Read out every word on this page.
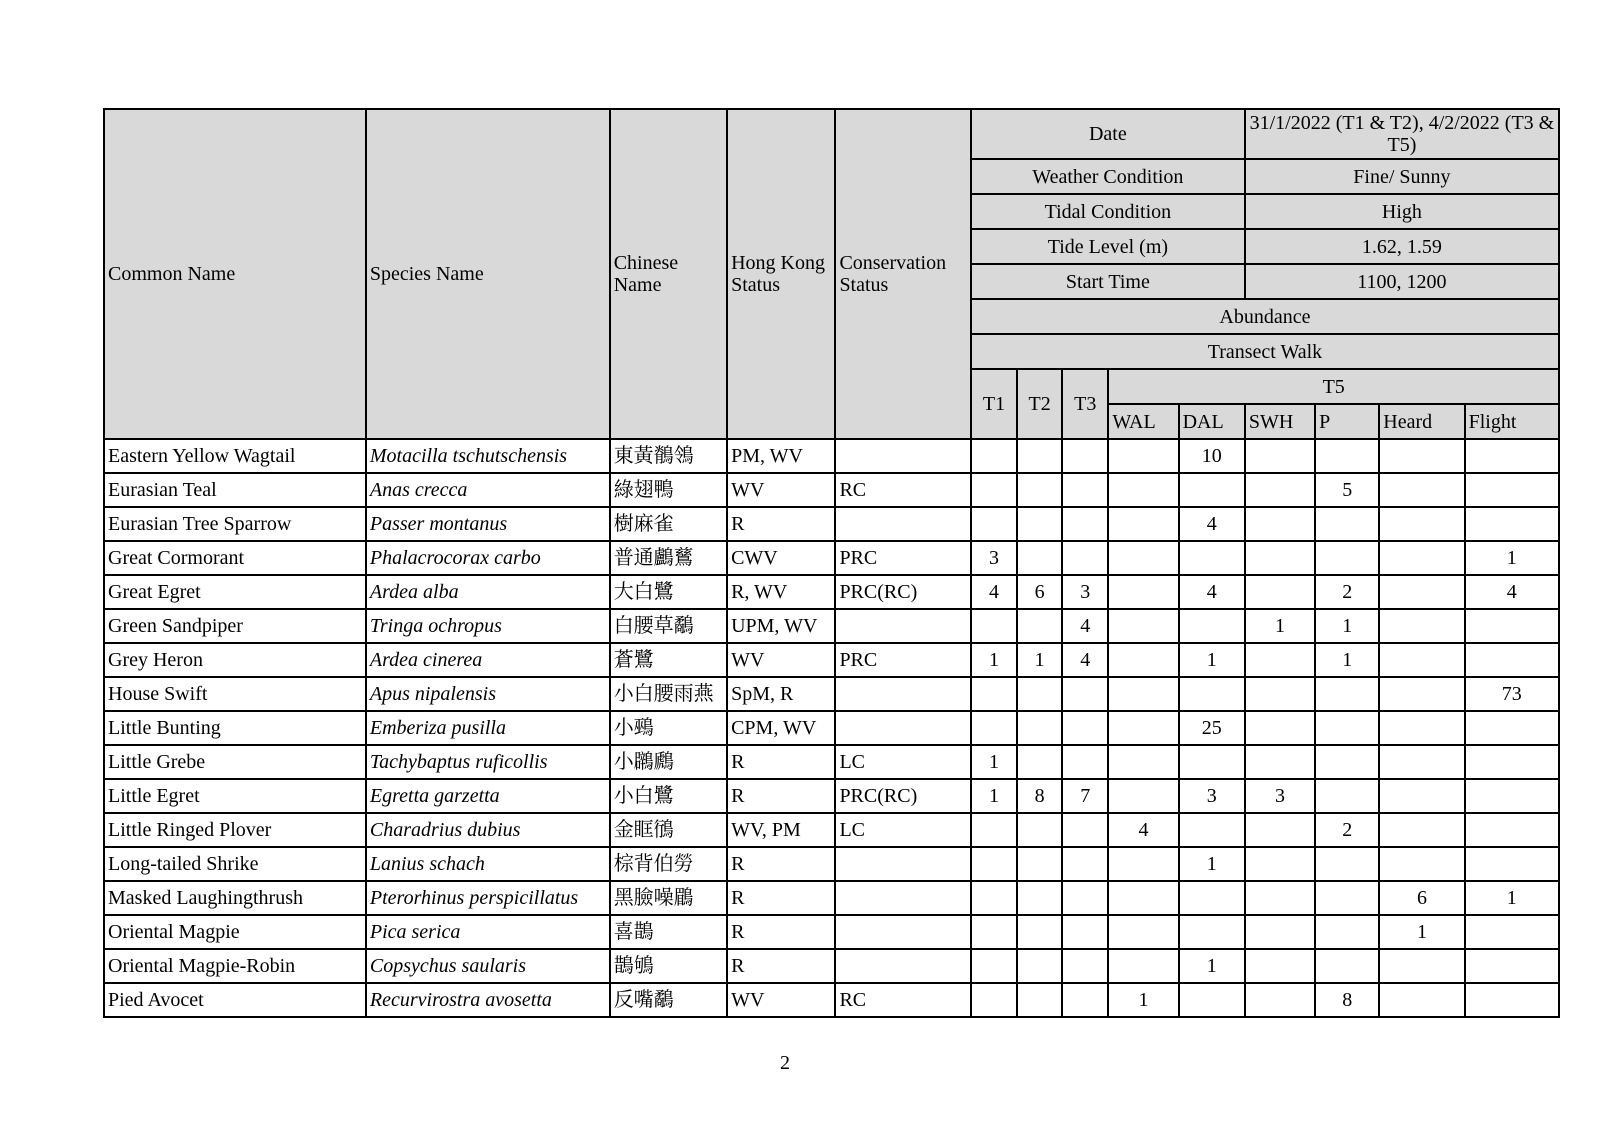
Common Name	Species Name	Chinese Name	Hong Kong Status	Conservation Status	Date					31/1/2022 (T1 & T2), 4/2/2022 (T3 & T5)			
					Weather Condition					Fine/ Sunny			
					Tidal Condition					High			
					Tide Level (m)					1.62, 1.59			
					Start Time					1100, 1200			
					Abundance								
					Transect Walk								
					T1	T2	T3	T5					
								WAL	DAL	SWH	P	Heard	Flight
Eastern Yellow Wagtail	Motacilla tschutschensis	東黃鶺鴒	PM, WV						10				
Eurasian Teal	Anas crecca	綠翅鴨	WV	RC							5		
Eurasian Tree Sparrow	Passer montanus	樹麻雀	R						4				
Great Cormorant	Phalacrocorax carbo	普通鸕鶿	CWV	PRC	3								1
Great Egret	Ardea alba	大白鷺	R, WV	PRC(RC)	4	6	3		4		2		4
Green Sandpiper	Tringa ochropus	白腰草鷸	UPM, WV				4			1	1		
Grey Heron	Ardea cinerea	蒼鷺	WV	PRC	1	1	4		1		1		
House Swift	Apus nipalensis	小白腰雨燕	SpM, R										73
Little Bunting	Emberiza pusilla	小鵐	CPM, WV						25				
Little Grebe	Tachybaptus ruficollis	小鸊鷉	R	LC	1								
Little Egret	Egretta garzetta	小白鷺	R	PRC(RC)	1	8	7		3	3			
Little Ringed Plover	Charadrius dubius	金眶鴴	WV, PM	LC				4			2		
Long-tailed Shrike	Lanius schach	棕背伯勞	R						1				
Masked Laughingthrush	Pterorhinus perspicillatus	黑臉噪鶥	R									6	1
Oriental Magpie	Pica serica	喜鵲	R									1	
Oriental Magpie-Robin	Copsychus saularis	鵲鴝	R						1				
Pied Avocet	Recurvirostra avosetta	反嘴鷸	WV	RC				1			8		
2
